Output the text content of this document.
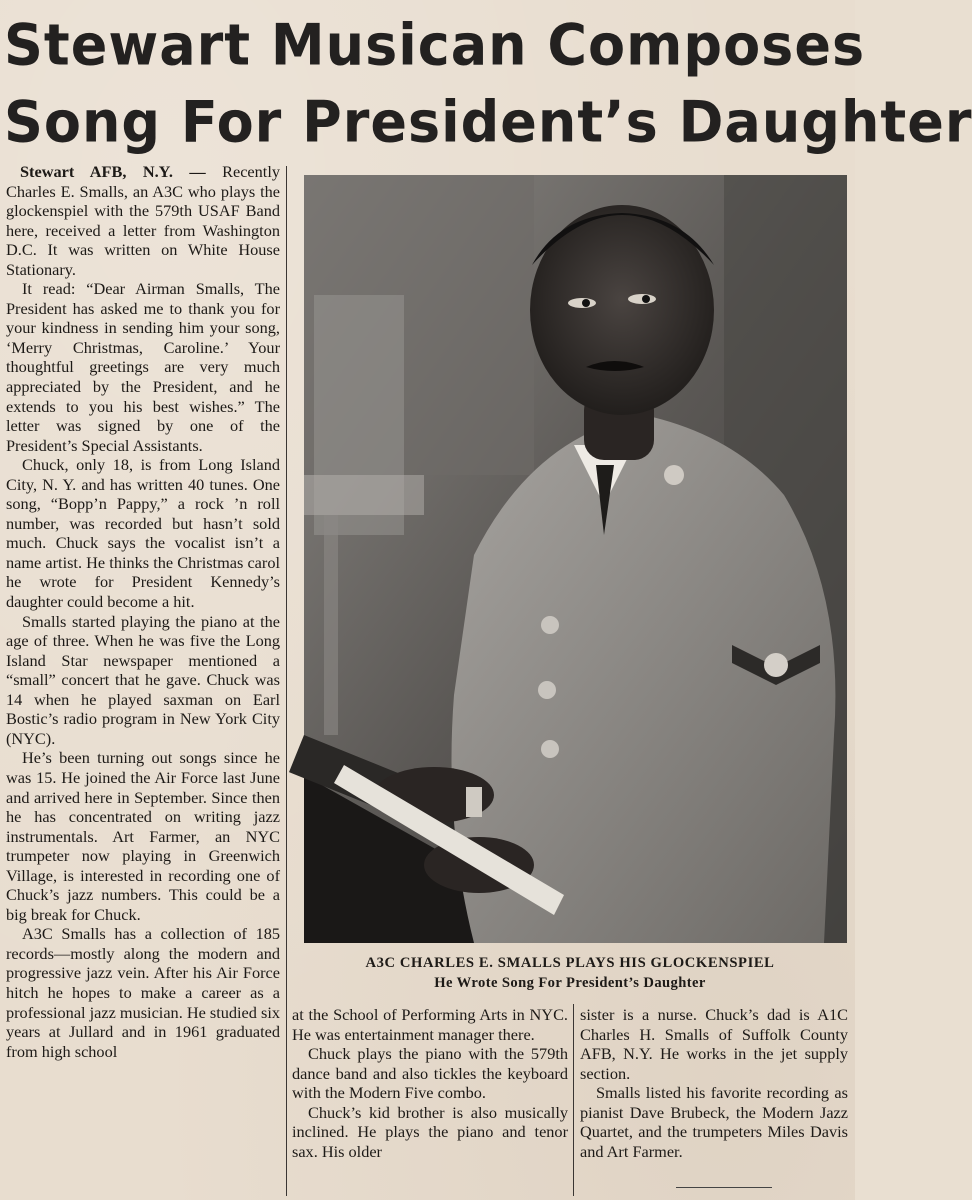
Stewart Musican Composes
Song For President’s Daughter

Stewart AFB, N.Y. — Recently Charles E. Smalls, an A3C who plays the glockenspiel with the 579th USAF Band here, received a letter from Washington D.C. It was written on White House Stationary.

It read: “Dear Airman Smalls, The President has asked me to thank you for your kindness in sending him your song, ‘Merry Christmas, Caroline.’ Your thoughtful greetings are very much appreciated by the President, and he extends to you his best wishes.” The letter was signed by one of the President’s Special Assistants.

Chuck, only 18, is from Long Island City, N. Y. and has written 40 tunes. One song, “Bopp’n Pappy,” a rock ’n roll number, was recorded but hasn’t sold much. Chuck says the vocalist isn’t a name artist. He thinks the Christmas carol he wrote for President Kennedy’s daughter could become a hit.

Smalls started playing the piano at the age of three. When he was five the Long Island Star newspaper mentioned a “small” concert that he gave. Chuck was 14 when he played saxman on Earl Bostic’s radio program in New York City (NYC).

He’s been turning out songs since he was 15. He joined the Air Force last June and arrived here in September. Since then he has concentrated on writing jazz instrumentals. Art Farmer, an NYC trumpeter now playing in Greenwich Village, is interested in recording one of Chuck’s jazz numbers. This could be a big break for Chuck.

A3C Smalls has a collection of 185 records—mostly along the modern and progressive jazz vein. After his Air Force hitch he hopes to make a career as a professional jazz musician. He studied six years at Jullard and in 1961 graduated from high school

A3C CHARLES E. SMALLS PLAYS HIS GLOCKENSPIEL
He Wrote Song For President’s Daughter

at the School of Performing Arts in NYC. He was entertainment manager there.

Chuck plays the piano with the 579th dance band and also tickles the keyboard with the Modern Five combo.

Chuck’s kid brother is also musically inclined. He plays the piano and tenor sax. His older

sister is a nurse. Chuck’s dad is A1C Charles H. Smalls of Suffolk County AFB, N.Y. He works in the jet supply section.

Smalls listed his favorite recording as pianist Dave Brubeck, the Modern Jazz Quartet, and the trumpeters Miles Davis and Art Farmer.
